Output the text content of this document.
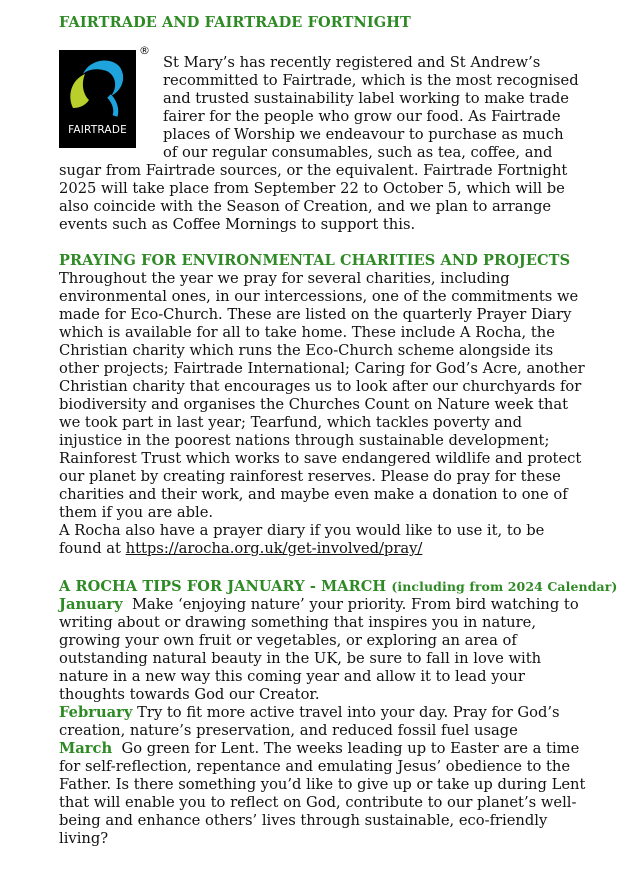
FAIRTRADE AND FAIRTRADE FORTNIGHT
FAIRTRADE
®
St Mary’s has recently registered and St Andrew’s
recommitted to Fairtrade, which is the most recognised
and trusted sustainability label working to make trade
fairer for the people who grow our food. As Fairtrade
places of Worship we endeavour to purchase as much
of our regular consumables, such as tea, coffee, and
sugar from Fairtrade sources, or the equivalent. Fairtrade Fortnight
2025 will take place from September 22 to October 5, which will be
also coincide with the Season of Creation, and we plan to arrange
events such as Coffee Mornings to support this.
PRAYING FOR ENVIRONMENTAL CHARITIES AND PROJECTS
Throughout the year we pray for several charities, including
environmental ones, in our intercessions, one of the commitments we
made for Eco-Church. These are listed on the quarterly Prayer Diary
which is available for all to take home. These include A Rocha, the
Christian charity which runs the Eco-Church scheme alongside its
other projects; Fairtrade International; Caring for God’s Acre, another
Christian charity that encourages us to look after our churchyards for
biodiversity and organises the Churches Count on Nature week that
we took part in last year; Tearfund, which tackles poverty and
injustice in the poorest nations through sustainable development;
Rainforest Trust which works to save endangered wildlife and protect
our planet by creating rainforest reserves. Please do pray for these
charities and their work, and maybe even make a donation to one of
them if you are able.
A Rocha also have a prayer diary if you would like to use it, to be
found at https://arocha.org.uk/get-involved/pray/
A ROCHA TIPS FOR JANUARY - MARCH (including from 2024 Calendar)
January Make ‘enjoying nature’ your priority. From bird watching to
writing about or drawing something that inspires you in nature,
growing your own fruit or vegetables, or exploring an area of
outstanding natural beauty in the UK, be sure to fall in love with
nature in a new way this coming year and allow it to lead your
thoughts towards God our Creator.
February Try to fit more active travel into your day. Pray for God’s
creation, nature’s preservation, and reduced fossil fuel usage
March Go green for Lent. The weeks leading up to Easter are a time
for self-reflection, repentance and emulating Jesus’ obedience to the
Father. Is there something you’d like to give up or take up during Lent
that will enable you to reflect on God, contribute to our planet’s well-
being and enhance others’ lives through sustainable, eco-friendly
living?
